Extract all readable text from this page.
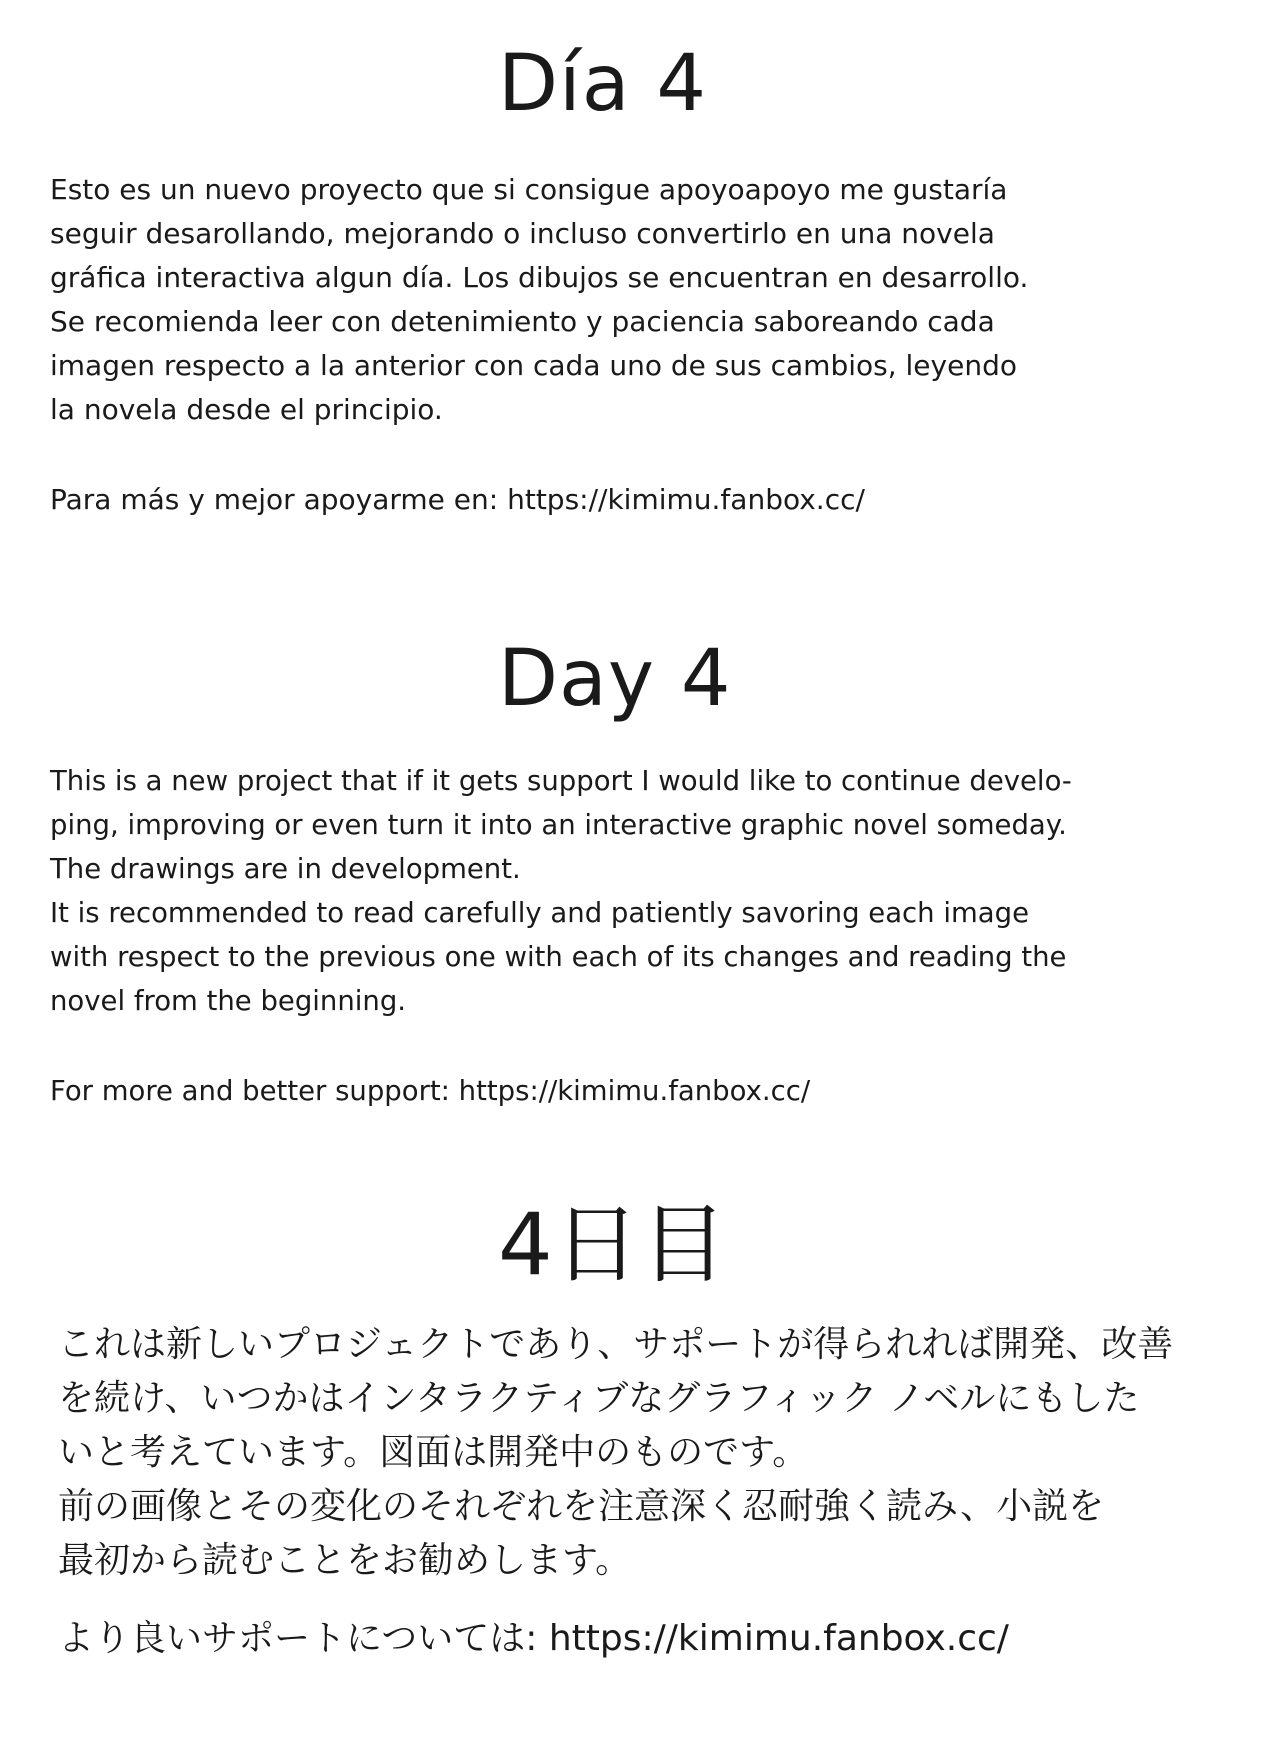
Día 4

Esto es un nuevo proyecto que si consigue apoyoapoyo me gustaría
seguir desarollando, mejorando o incluso convertirlo en una novela
gráfica interactiva algun día. Los dibujos se encuentran en desarrollo.
Se recomienda leer con detenimiento y paciencia saboreando cada
imagen respecto a la anterior con cada uno de sus cambios, leyendo
la novela desde el principio.

Para más y mejor apoyarme en: https://kimimu.fanbox.cc/

Day 4

This is a new project that if it gets support I would like to continue develo-
ping, improving or even turn it into an interactive graphic novel someday.
The drawings are in development.
It is recommended to read carefully and patiently savoring each image
with respect to the previous one with each of its changes and reading the
novel from the beginning.

For more and better support: https://kimimu.fanbox.cc/

4日目

これは新しいプロジェクトであり、サポートが得られれば開発、改善
を続け、いつかはインタラクティブなグラフィック ノベルにもした
いと考えています。図面は開発中のものです。
前の画像とその変化のそれぞれを注意深く忍耐強く読み、小説を
最初から読むことをお勧めします。

より良いサポートについては: https://kimimu.fanbox.cc/
